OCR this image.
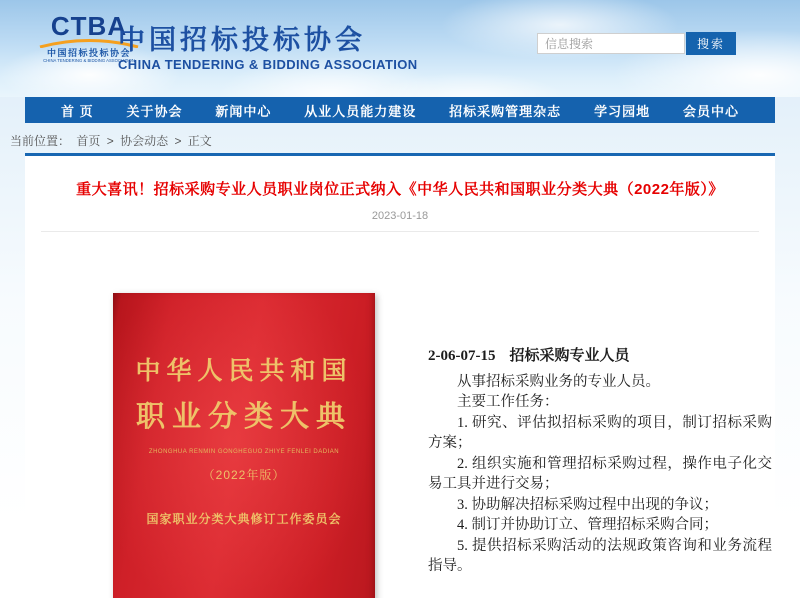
CTBA
中国招标投标协会
CHINA TENDERING & BIDDING ASSOCIATION
中国招标投标协会
CHINA TENDERING & BIDDING ASSOCIATION
信息搜索
搜索
首 页	关于协会	新闻中心	从业人员能力建设	招标采购管理杂志	学习园地	会员中心
当前位置： 首页 > 协会动态 > 正文
重大喜讯！招标采购专业人员职业岗位正式纳入《中华人民共和国职业分类大典（2022年版）》
2023-01-18
中华人民共和国
职业分类大典
ZHONGHUA RENMIN GONGHEGUO ZHIYE FENLEI DADIAN
（2022年版）
国家职业分类大典修订工作委员会
2-06-07-15 招标采购专业人员

从事招标采购业务的专业人员。

主要工作任务：

1. 研究、评估拟招标采购的项目，制订招标采购方案；

2. 组织实施和管理招标采购过程，操作电子化交易工具并进行交易；

3. 协助解决招标采购过程中出现的争议；

4. 制订并协助订立、管理招标采购合同；

5. 提供招标采购活动的法规政策咨询和业务流程指导。
